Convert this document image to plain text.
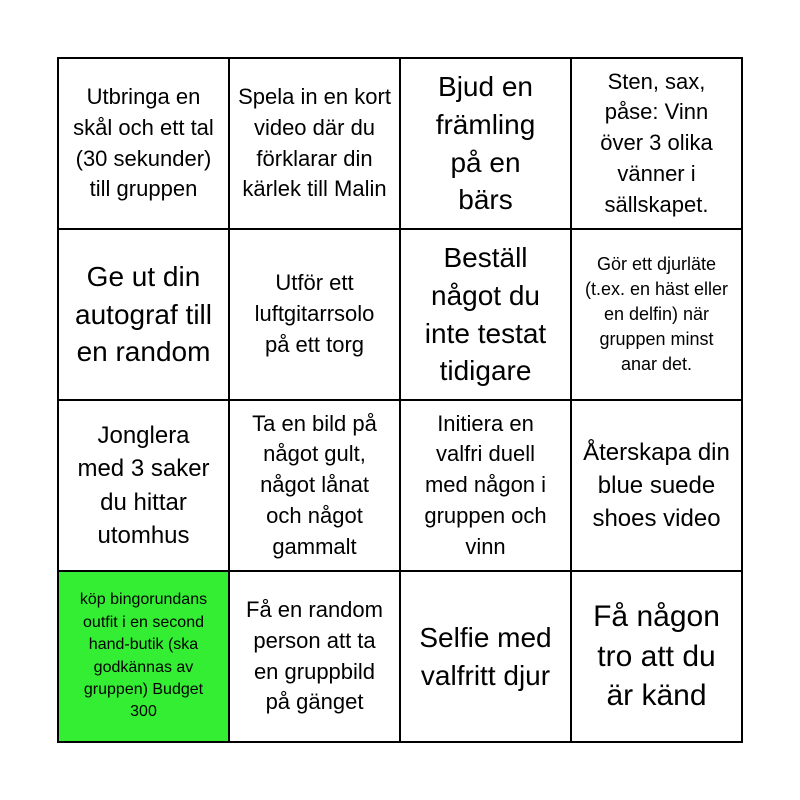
Utbringa en skål och ett tal (30 sekunder) till gruppen
Spela in en kort video där du förklarar din kärlek till Malin
Bjud en främling på en bärs
Sten, sax, påse: Vinn över 3 olika vänner i sällskapet.
Ge ut din autograf till en random
Utför ett luftgitarrsolo på ett torg
Beställ något du inte testat tidigare
Gör ett djurläte (t.ex. en häst eller en delfin) när gruppen minst anar det.
Jonglera med 3 saker du hittar utomhus
Ta en bild på något gult, något lånat och något gammalt
Initiera en valfri duell med någon i gruppen och vinn
Återskapa din blue suede shoes video
köp bingorundans outfit i en second hand-butik (ska godkännas av gruppen) Budget 300
Få en random person att ta en gruppbild på gänget
Selfie med valfritt djur
Få någon tro att du är känd
